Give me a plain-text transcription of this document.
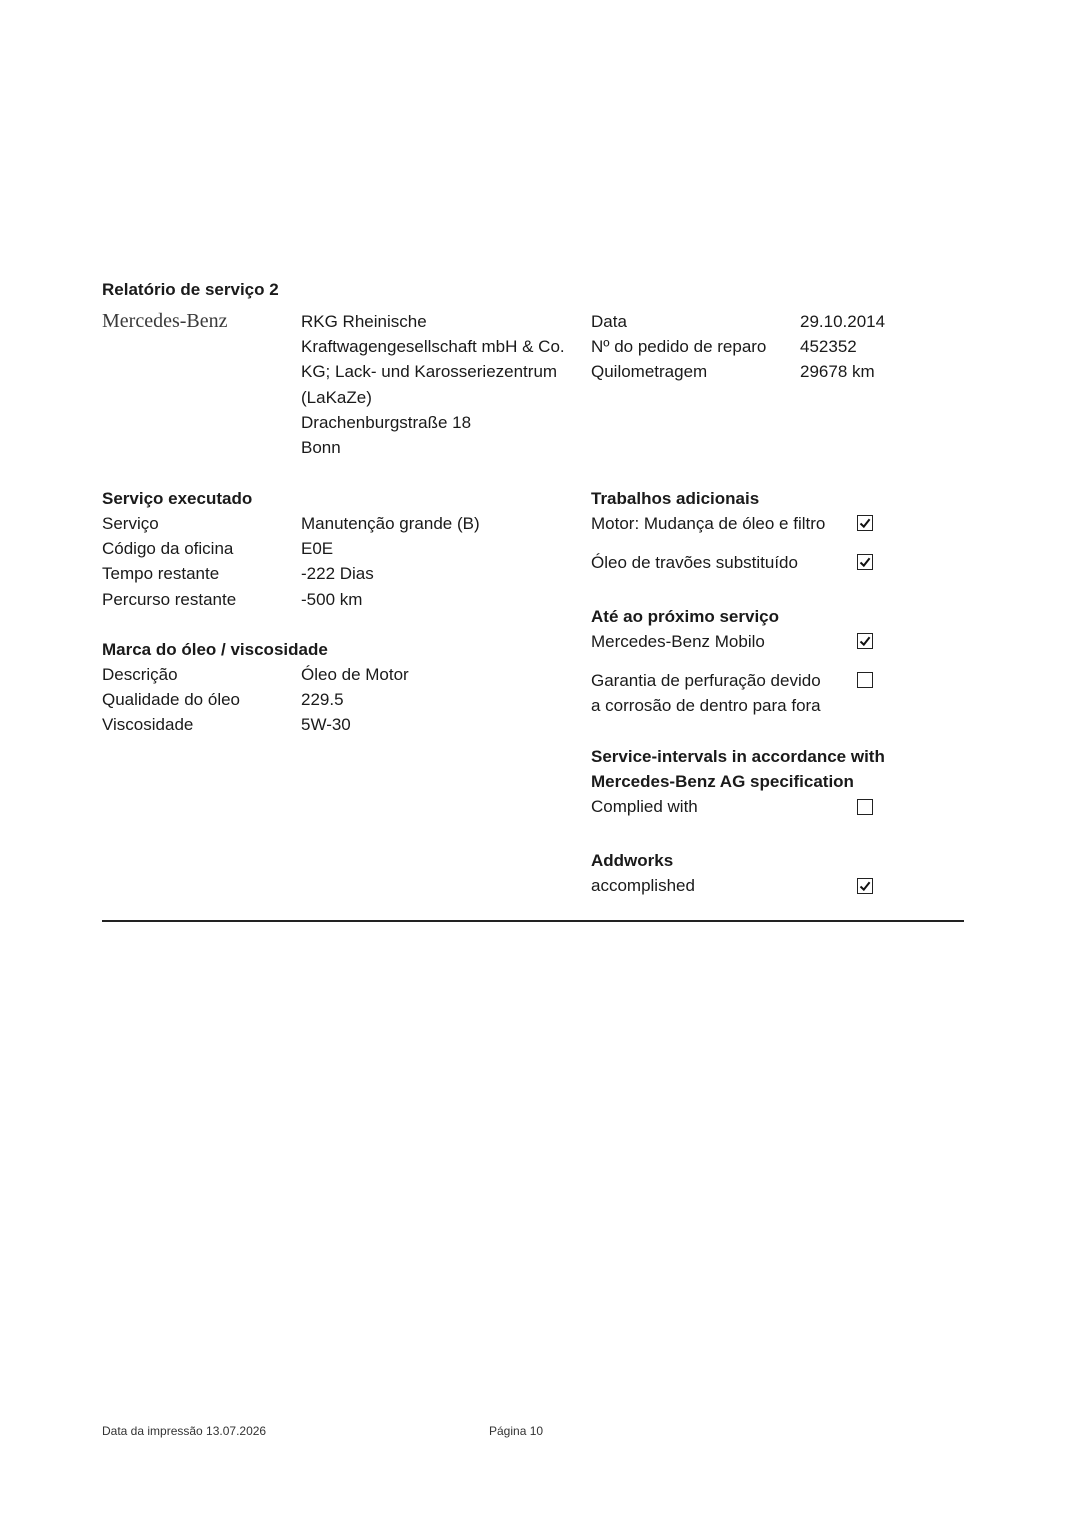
Relatório de serviço 2
Mercedes-Benz	RKG Rheinische
Kraftwagengesellschaft mbH & Co.
KG; Lack- und Karosseriezentrum
(LaKaZe)
Drachenburgstraße 18
Bonn
Data
Nº do pedido de reparo
Quilometragem
29.10.2014
452352
29678 km
Serviço executado
Serviço
Código da oficina
Tempo restante
Percurso restante
Manutenção grande (B)
E0E
-222 Dias
-500 km
Marca do óleo / viscosidade
Descrição
Qualidade do óleo
Viscosidade
Óleo de Motor
229.5
5W-30
Trabalhos adicionais
Motor: Mudança de óleo e filtro
Óleo de travões substituído
Até ao próximo serviço
Mercedes-Benz Mobilo
Garantia de perfuração devido
a corrosão de dentro para fora
Service-intervals in accordance with
Mercedes-Benz AG specification
Complied with
Addworks
accomplished
Data da impressão 13.07.2026	Página 10
